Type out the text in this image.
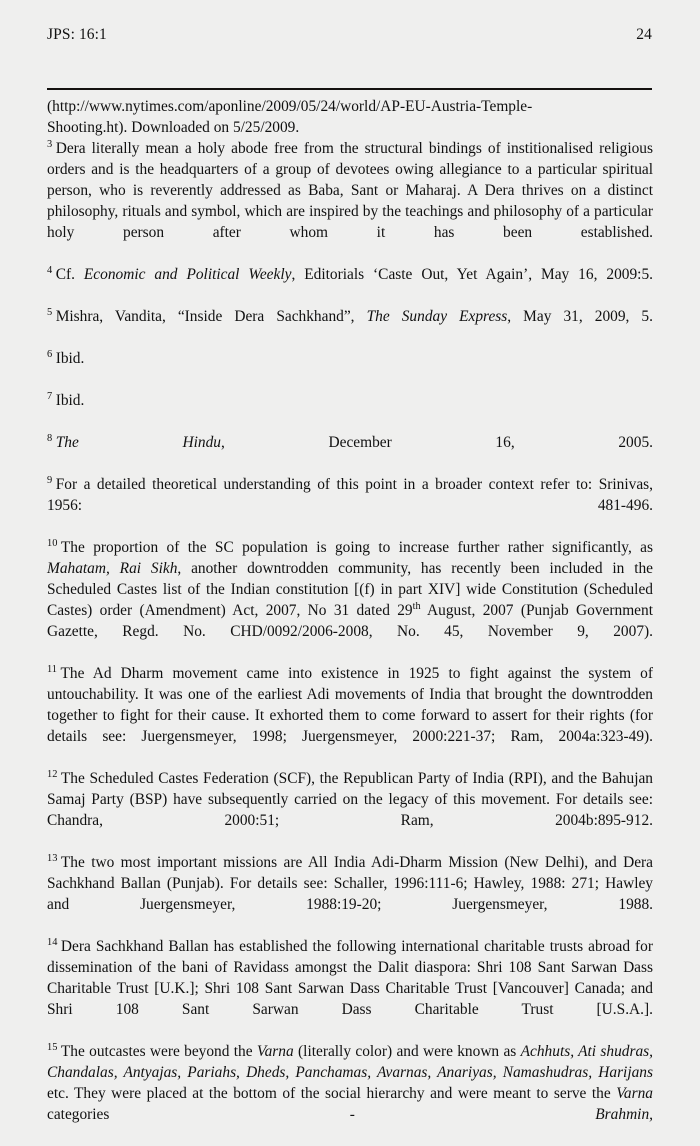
JPS: 16:1	24

(http://www.nytimes.com/aponline/2009/05/24/world/AP-EU-Austria-Temple-
Shooting.ht). Downloaded on 5/25/2009.

$^3$ Dera literally mean a holy abode free from the structural bindings of institionalised religious orders and is the headquarters of a group of devotees owing allegiance to a particular spiritual person, who is reverently addressed as Baba, Sant or Maharaj. A Dera thrives on a distinct philosophy, rituals and symbol, which are inspired by the teachings and philosophy of a particular holy person after whom it has been established.

$^4$ Cf. Economic and Political Weekly, Editorials ‘Caste Out, Yet Again’, May 16, 2009:5.

$^5$ Mishra, Vandita, “Inside Dera Sachkhand”, The Sunday Express, May 31, 2009, 5.

$^6$ Ibid.

$^7$ Ibid.

$^8$ The Hindu, December 16, 2005.

$^9$ For a detailed theoretical understanding of this point in a broader context refer to: Srinivas, 1956: 481-496.

$^{10}$ The proportion of the SC population is going to increase further rather significantly, as Mahatam, Rai Sikh, another downtrodden community, has recently been included in the Scheduled Castes list of the Indian constitution [(f) in part XIV] wide Constitution (Scheduled Castes) order (Amendment) Act, 2007, No 31 dated 29th August, 2007 (Punjab Government Gazette, Regd. No. CHD/0092/2006-2008, No. 45, November 9, 2007).

$^{11}$ The Ad Dharm movement came into existence in 1925 to fight against the system of untouchability. It was one of the earliest Adi movements of India that brought the downtrodden together to fight for their cause. It exhorted them to come forward to assert for their rights (for details see: Juergensmeyer, 1998; Juergensmeyer, 2000:221-37; Ram, 2004a:323-49).

$^{12}$ The Scheduled Castes Federation (SCF), the Republican Party of India (RPI), and the Bahujan Samaj Party (BSP) have subsequently carried on the legacy of this movement. For details see: Chandra, 2000:51; Ram, 2004b:895-912.

$^{13}$ The two most important missions are All India Adi-Dharm Mission (New Delhi), and Dera Sachkhand Ballan (Punjab). For details see: Schaller, 1996:111-6; Hawley, 1988: 271; Hawley and Juergensmeyer, 1988:19-20; Juergensmeyer, 1988.

$^{14}$ Dera Sachkhand Ballan has established the following international charitable trusts abroad for dissemination of the bani of Ravidass amongst the Dalit diaspora: Shri 108 Sant Sarwan Dass Charitable Trust [U.K.]; Shri 108 Sant Sarwan Dass Charitable Trust [Vancouver] Canada; and Shri 108 Sant Sarwan Dass Charitable Trust [U.S.A.].

$^{15}$ The outcastes were beyond the Varna (literally color) and were known as Achhuts, Ati shudras, Chandalas, Antyajas, Pariahs, Dheds, Panchamas, Avarnas, Anariyas, Namashudras, Harijans etc. They were placed at the bottom of the social hierarchy and were meant to serve the Varna categories - Brahmin,
